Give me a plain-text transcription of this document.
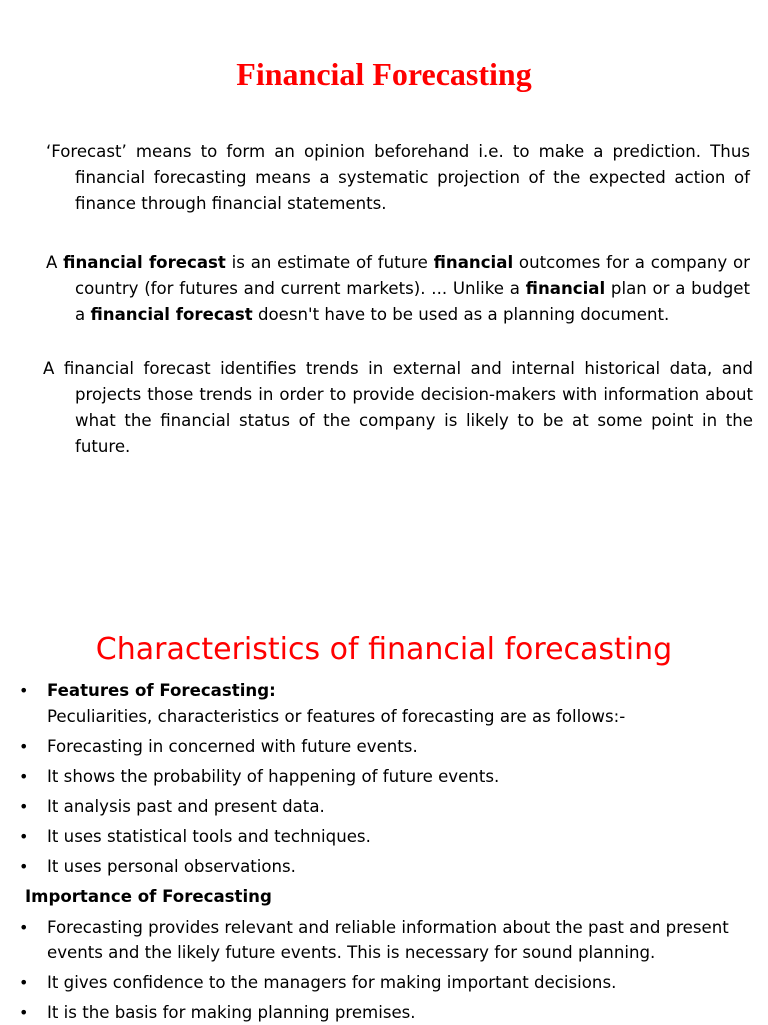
Financial Forecasting

‘Forecast’ means to form an opinion beforehand i.e. to make a prediction. Thus financial forecasting means a systematic projection of the expected action of finance through financial statements.

A financial forecast is an estimate of future financial outcomes for a company or country (for futures and current markets). ... Unlike a financial plan or a budget a financial forecast doesn't have to be used as a planning document.

A financial forecast identifies trends in external and internal historical data, and projects those trends in order to provide decision-makers with information about what the financial status of the company is likely to be at some point in the future.

Characteristics of financial forecasting
• Features of Forecasting:

Peculiarities, characteristics or features of forecasting are as follows:-

• Forecasting in concerned with future events.
• It shows the probability of happening of future events.
• It analysis past and present data.
• It uses statistical tools and techniques.
• It uses personal observations.

Importance of Forecasting

• Forecasting provides relevant and reliable information about the past and present events and the likely future events. This is necessary for sound planning.
• It gives confidence to the managers for making important decisions.
• It is the basis for making planning premises.
